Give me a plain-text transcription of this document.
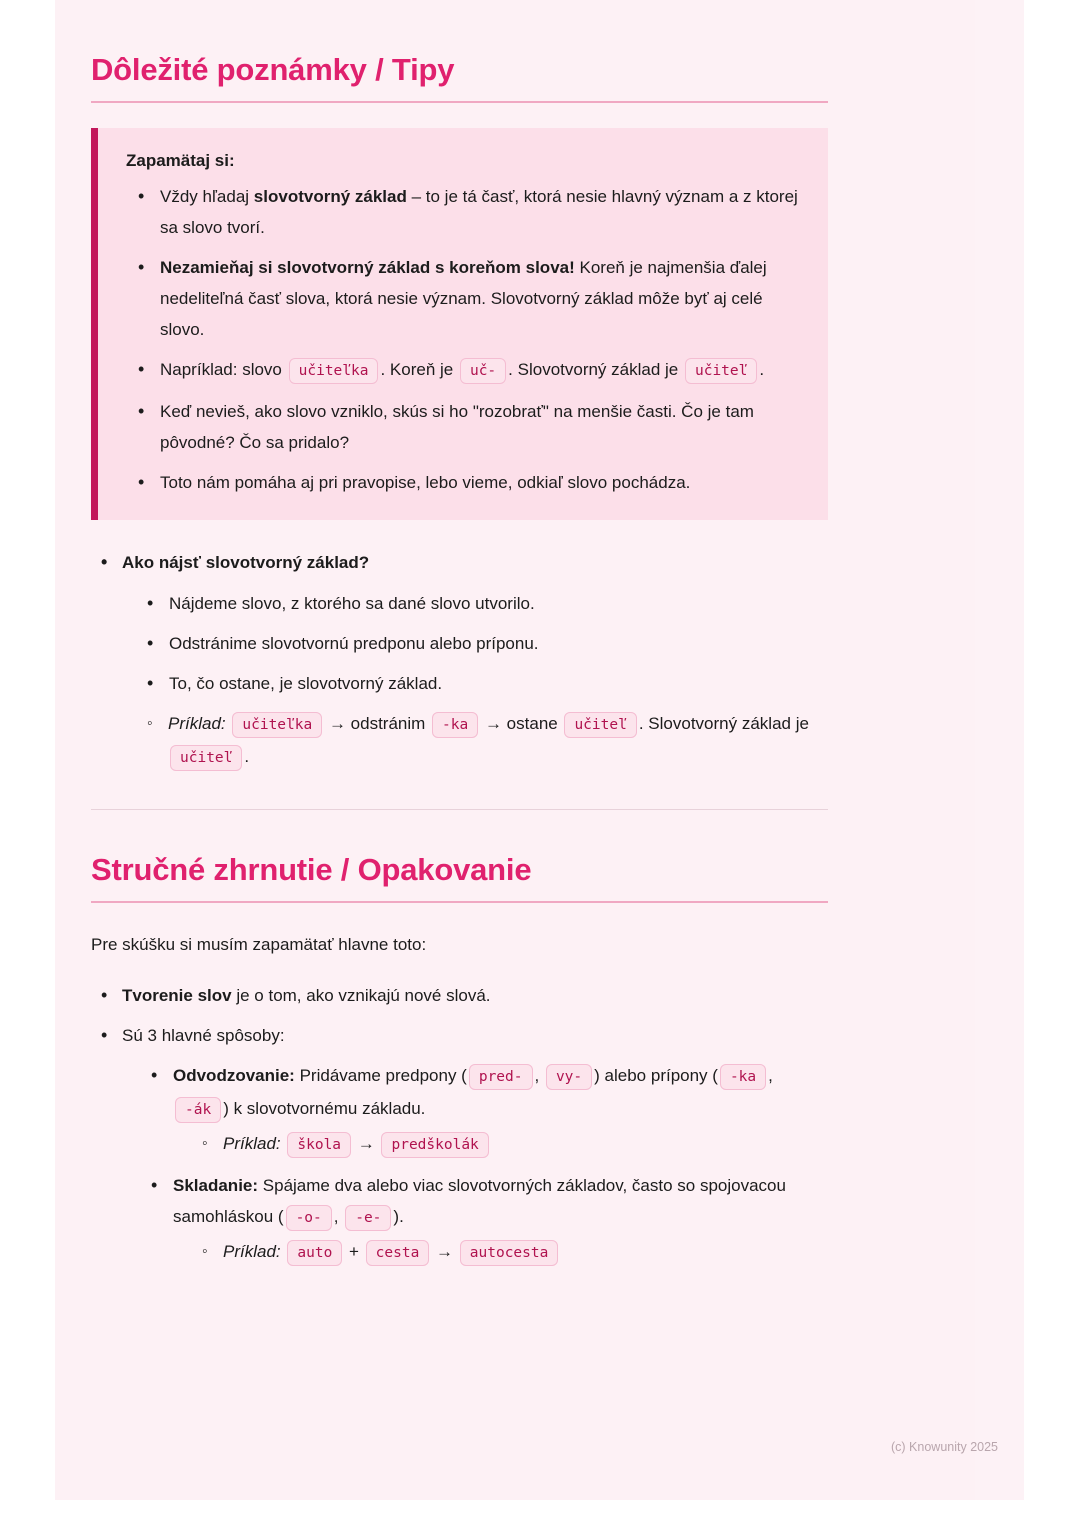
Dôležité poznámky / Tipy
Zapamätaj si:
• Vždy hľadaj slovotvorný základ – to je tá časť, ktorá nesie hlavný význam a z ktorej sa slovo tvorí.
• Nezamieňaj si slovotvorný základ s koreňom slova! Koreň je najmenšia ďalej nedeliteľná časť slova, ktorá nesie význam. Slovotvorný základ môže byť aj celé slovo.
• Napríklad: slovo učiteľka . Koreň je uč- . Slovotvorný základ je učiteľ .
• Keď nevieš, ako slovo vzniklo, skús si ho "rozobrať" na menšie časti. Čo je tam pôvodné? Čo sa pridalo?
• Toto nám pomáha aj pri pravopise, lebo vieme, odkiaľ slovo pochádza.
• Ako nájsť slovotvorný základ?
• Nájdeme slovo, z ktorého sa dané slovo utvorilo.
• Odstránime slovotvornú predponu alebo príponu.
• To, čo ostane, je slovotvorný základ.
◦ Príklad: učiteľka → odstránim -ka → ostane učiteľ . Slovotvorný základ je učiteľ .
Stručné zhrnutie / Opakovanie
Pre skúšku si musím zapamätať hlavne toto:
• Tvorenie slov je o tom, ako vznikajú nové slová.
• Sú 3 hlavné spôsoby:
• Odvodzovanie: Pridávame predpony ( pred- , vy- ) alebo prípony ( -ka , -ák ) k slovotvornému základu.
◦ Príklad: škola → predškolák
• Skladanie: Spájame dva alebo viac slovotvorných základov, často so spojovacou samohláskou ( -o- , -e- ).
◦ Príklad: auto + cesta → autocesta
(c) Knowunity 2025
